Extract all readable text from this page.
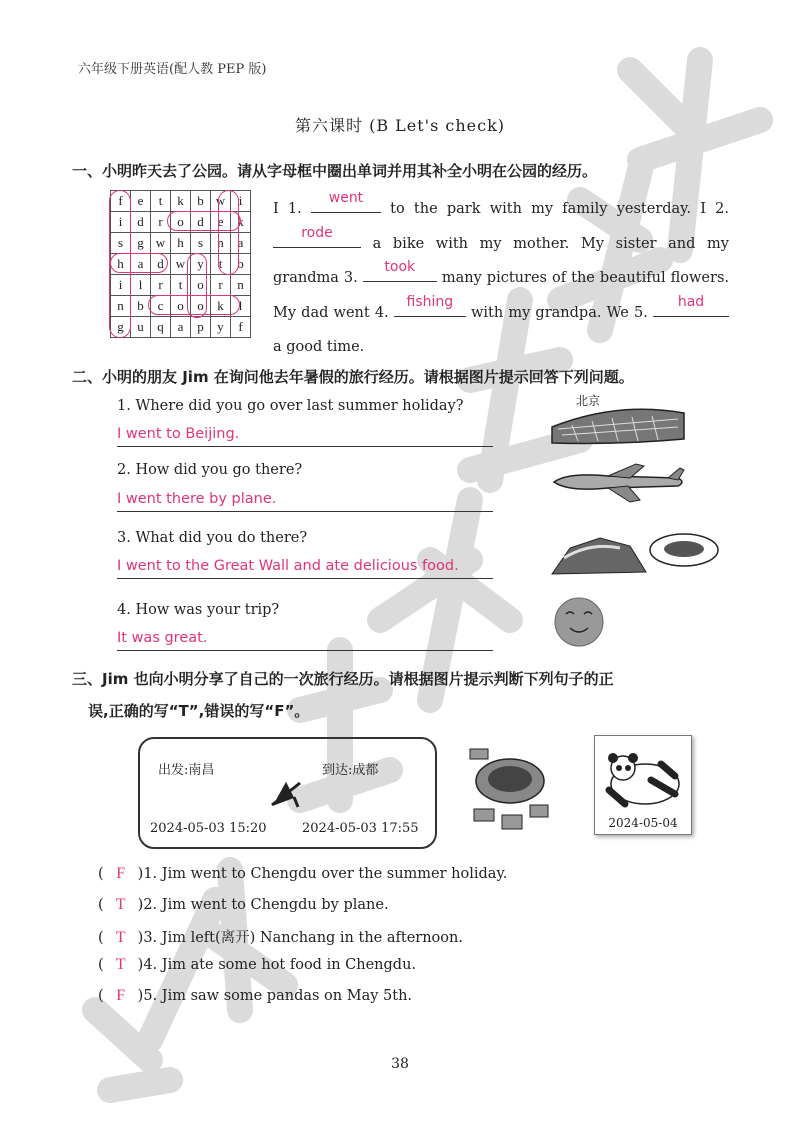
六年级下册英语(配人教 PEP 版)
第六课时 (B Let's check)
一、小明昨天去了公园。请从字母框中圈出单词并用其补全小明在公园的经历。
f	e	t	k	b	w	i
i	d	r	o	d	e	k
s	g	w	h	s	n	a
h	a	d	w	y	t	b
i	l	r	t	o	r	n
n	b	c	o	o	k	l
g	u	q	a	p	y	f
I 1.
went
to the park with my family yesterday. I 2.
rode
a bike with my mother. My sister and my grandma 3.
took
many pictures of the beautiful flowers. My dad went 4.
fishing
with my grandpa. We 5.
had
a good time.
二、小明的朋友 Jim 在询问他去年暑假的旅行经历。请根据图片提示回答下列问题。
1. Where did you go over last summer holiday?
I went to Beijing.
2. How did you go there?
I went there by plane.
3. What did you do there?
I went to the Great Wall and ate delicious food.
4. How was your trip?
It was great.
北京
三、Jim 也向小明分享了自己的一次旅行经历。请根据图片提示判断下列句子的正
误,正确的写“T”,错误的写“F”。
出发:南昌	到达:成都
2024-05-03 15:20	2024-05-03 17:55	2024-05-04
( F )1. Jim went to Chengdu over the summer holiday.
( T )2. Jim went to Chengdu by plane.
( T )3. Jim left(离开) Nanchang in the afternoon.
( T )4. Jim ate some hot food in Chengdu.
( F )5. Jim saw some pandas on May 5th.
38
